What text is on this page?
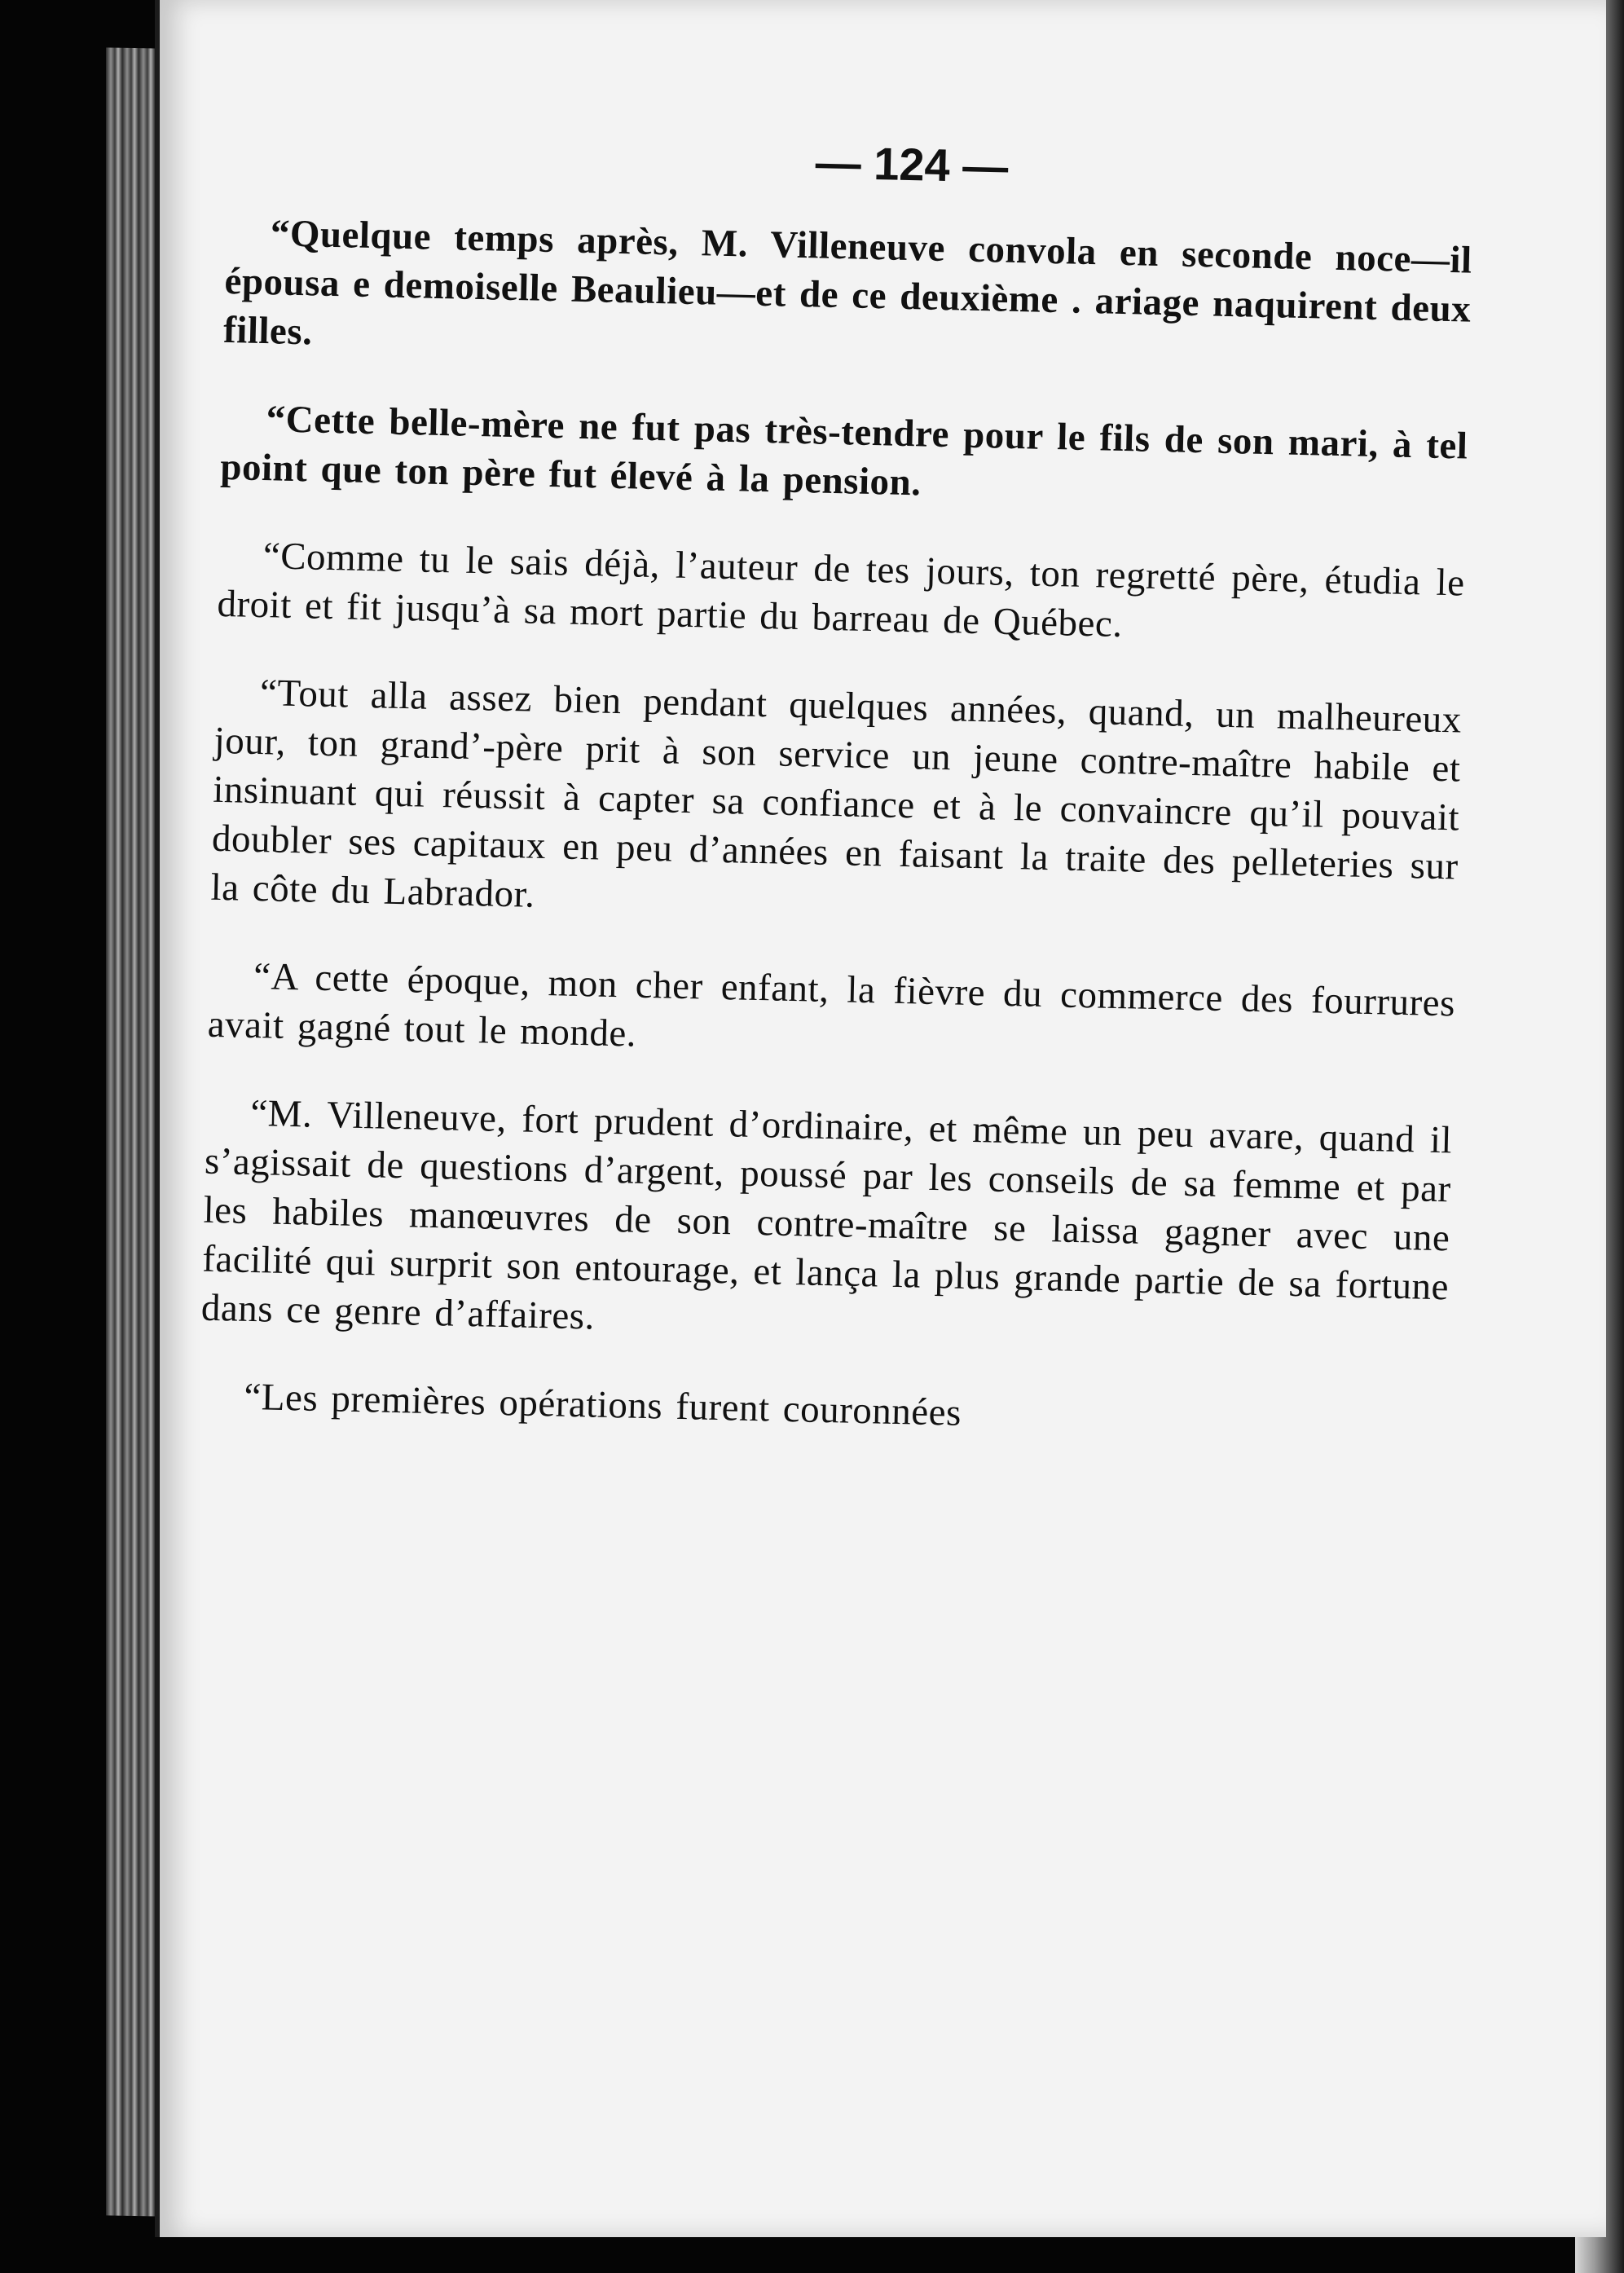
— 124 —

“Quelque temps après, M. Villeneuve convola en seconde noce—il épousa e demoiselle Beaulieu—et de ce deuxième . ariage naquirent deux filles.

“Cette belle-mère ne fut pas très-tendre pour le fils de son mari, à tel point que ton père fut élevé à la pension.

“Comme tu le sais déjà, l’auteur de tes jours, ton regretté père, étudia le droit et fit jusqu’à sa mort partie du barreau de Québec.

“Tout alla assez bien pendant quelques années, quand, un malheureux jour, ton grand’-père prit à son service un jeune contre-maître habile et insinuant qui réussit à capter sa confiance et à le convaincre qu’il pouvait doubler ses capitaux en peu d’années en faisant la traite des pelleteries sur la côte du Labrador.

“A cette époque, mon cher enfant, la fièvre du commerce des fourrures avait gagné tout le monde.

“M. Villeneuve, fort prudent d’ordinaire, et même un peu avare, quand il s’agissait de questions d’argent, poussé par les conseils de sa femme et par les habiles manœuvres de son contre-maître se laissa gagner avec une facilité qui surprit son entourage, et lança la plus grande partie de sa fortune dans ce genre d’affaires.

“Les premières opérations furent couronnées
